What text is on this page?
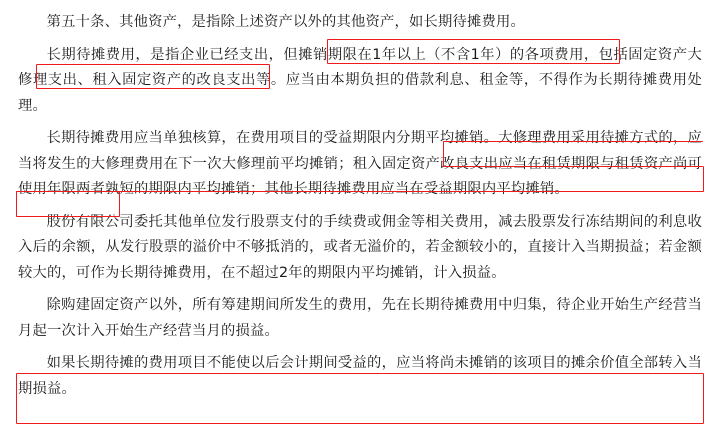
第五十条、其他资产，是指除上述资产以外的其他资产，如长期待摊费用。

长期待摊费用，是指企业已经支出，但摊销期限在1年以上（不含1年）的各项费用，包括固定资产大修理支出、租入固定资产的改良支出等。应当由本期负担的借款利息、租金等，不得作为长期待摊费用处理。

长期待摊费用应当单独核算，在费用项目的受益期限内分期平均摊销。大修理费用采用待摊方式的，应当将发生的大修理费用在下一次大修理前平均摊销；租入固定资产改良支出应当在租赁期限与租赁资产尚可使用年限两者孰短的期限内平均摊销；其他长期待摊费用应当在受益期限内平均摊销。

股份有限公司委托其他单位发行股票支付的手续费或佣金等相关费用，减去股票发行冻结期间的利息收入后的余额，从发行股票的溢价中不够抵消的，或者无溢价的，若金额较小的，直接计入当期损益；若金额较大的，可作为长期待摊费用，在不超过2年的期限内平均摊销，计入损益。

除购建固定资产以外，所有筹建期间所发生的费用，先在长期待摊费用中归集，待企业开始生产经营当月起一次计入开始生产经营当月的损益。

如果长期待摊的费用项目不能使以后会计期间受益的，应当将尚未摊销的该项目的摊余价值全部转入当期损益。
